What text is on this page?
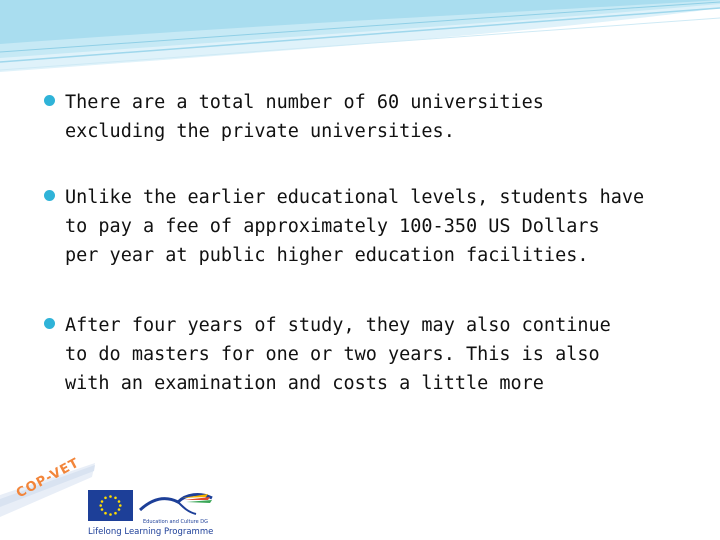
There are a total number of 60 universities
excluding the private universities.
Unlike the earlier educational levels, students have
to pay a fee of approximately 100-350 US Dollars
per year at public higher education facilities.
After four years of study, they may also continue
to do masters for one or two years. This is also
with an examination and costs a little more
COP-VET
Education and Culture DG
Lifelong Learning Programme
